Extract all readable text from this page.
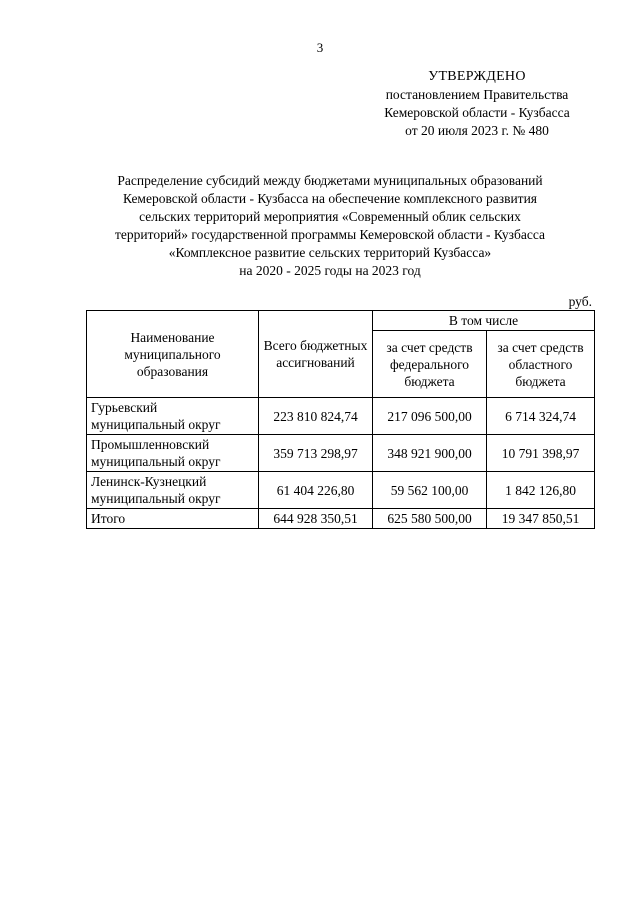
3
УТВЕРЖДЕНО
постановлением Правительства
Кемеровской области - Кузбасса
от 20 июля 2023 г. № 480
Распределение субсидий между бюджетами муниципальных образований
Кемеровской области - Кузбасса на обеспечение комплексного развития
сельских территорий мероприятия «Современный облик сельских
территорий» государственной программы Кемеровской области - Кузбасса
«Комплексное развитие сельских территорий Кузбасса»
на 2020 - 2025 годы на 2023 год
руб.
Наименование муниципального образования	Всего бюджетных ассигнований	В том числе	
		за счет средств федерального бюджета	за счет средств областного бюджета
Гурьевский муниципальный округ	223 810 824,74	217 096 500,00	6 714 324,74
Промышленновский муниципальный округ	359 713 298,97	348 921 900,00	10 791 398,97
Ленинск-Кузнецкий муниципальный округ	61 404 226,80	59 562 100,00	1 842 126,80
Итого	644 928 350,51	625 580 500,00	19 347 850,51
